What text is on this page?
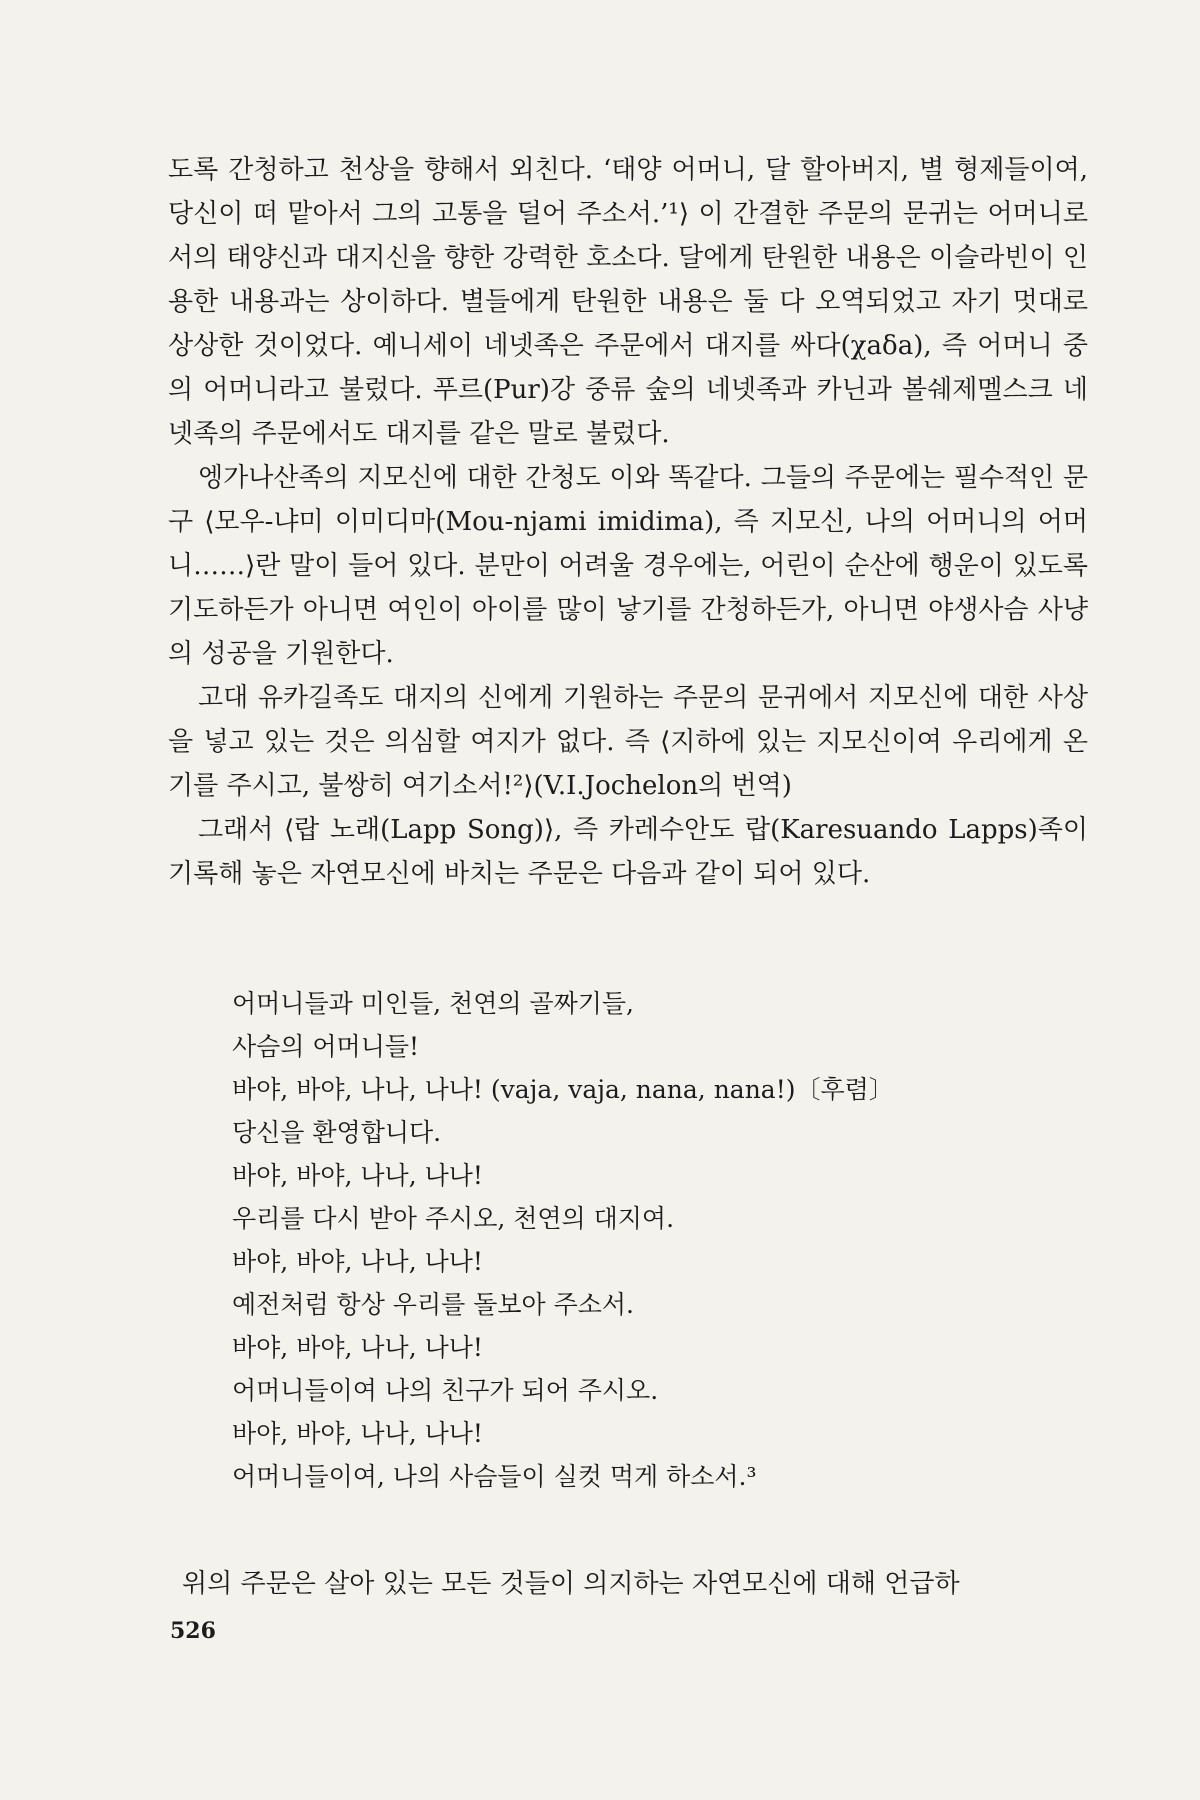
도록 간청하고 천상을 향해서 외친다. ‘태양 어머니, 달 할아버지, 별 형제들이여, 당신이 떠 맡아서 그의 고통을 덜어 주소서.’¹⟩ 이 간결한 주문의 문귀는 어머니로서의 태양신과 대지신을 향한 강력한 호소다. 달에게 탄원한 내용은 이슬라빈이 인용한 내용과는 상이하다. 별들에게 탄원한 내용은 둘 다 오역되었고 자기 멋대로 상상한 것이었다. 예니세이 네넷족은 주문에서 대지를 싸다(χaδa), 즉 어머니 중의 어머니라고 불렀다. 푸르(Pur)강 중류 숲의 네넷족과 카닌과 볼쉐제멜스크 네넷족의 주문에서도 대지를 같은 말로 불렀다.

엥가나산족의 지모신에 대한 간청도 이와 똑같다. 그들의 주문에는 필수적인 문구 ⟨모우-냐미 이미디마(Mou-njami imidima), 즉 지모신, 나의 어머니의 어머니……⟩란 말이 들어 있다. 분만이 어려울 경우에는, 어린이 순산에 행운이 있도록 기도하든가 아니면 여인이 아이를 많이 낳기를 간청하든가, 아니면 야생사슴 사냥의 성공을 기원한다.

고대 유카길족도 대지의 신에게 기원하는 주문의 문귀에서 지모신에 대한 사상을 넣고 있는 것은 의심할 여지가 없다. 즉 ⟨지하에 있는 지모신이여 우리에게 온기를 주시고, 불쌍히 여기소서!²⟩(V.I.Jochelon의 번역)

그래서 ⟨랍 노래(Lapp Song)⟩, 즉 카레수안도 랍(Karesuando Lapps)족이 기록해 놓은 자연모신에 바치는 주문은 다음과 같이 되어 있다.

어머니들과 미인들, 천연의 골짜기들,
사슴의 어머니들!
바야, 바야, 나나, 나나! (vaja, vaja, nana, nana!)〔후렴〕
당신을 환영합니다.
바야, 바야, 나나, 나나!
우리를 다시 받아 주시오, 천연의 대지여.
바야, 바야, 나나, 나나!
예전처럼 항상 우리를 돌보아 주소서.
바야, 바야, 나나, 나나!
어머니들이여 나의 친구가 되어 주시오.
바야, 바야, 나나, 나나!
어머니들이여, 나의 사슴들이 실컷 먹게 하소서.³

위의 주문은 살아 있는 모든 것들이 의지하는 자연모신에 대해 언급하

526
